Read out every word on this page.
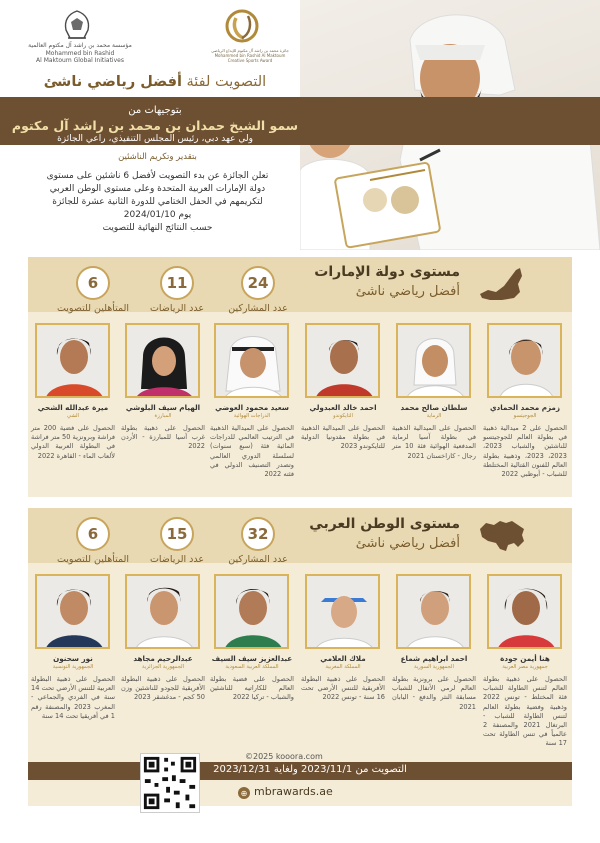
مؤسسة محمد بن راشد آل مكتوم العالمية
Mohammed bin Rashid
Al Maktoum Global Initiatives
جائزة محمد بن راشد آل مكتوم للإبداع الرياضي
Mohammed bin Rashid Al Maktoum Creative Sports Award
التصويت لفئة أفضل رياضي ناشئ
بتوجيهات من
سمو الشيخ حمدان بن محمد بن راشد آل مكتوم
ولي عهد دبي، رئيس المجلس التنفيذي، راعي الجائزة
بتقدير وتكريم الناشئين
تعلن الجائزة عن بدء التصويت لأفضل 6 ناشئين على مستوى
دولة الإمارات العربية المتحدة وعلى مستوى الوطن العربي
لتكريمهم في الحفل الختامي للدورة الثانية عشرة للجائزة
يوم 2024/01/10
حسب النتائج النهائية للتصويت
مستوى دولة الإمارات
أفضل رياضي ناشئ
24
عدد المشاركين
11
عدد الرياضات
6
المتأهلين للتصويت
زمزم محمد الحمادي
الجوجيتسو
الحصول على 2 ميدالية ذهبية في بطولة العالم للجوجيتسو للناشئين والشباب 2023، 2023، 2023، وذهبية بطولة العالم للفنون القتالية المختلطة للشباب - أبوظبي 2022
سلطان صالح محمد
الرماية
الحصول على الميدالية الذهبية في بطولة آسيا لرماية المدفعية الهوائية فئة 10 متر رجال - كازاخستان 2021
احمد خالد العبدولي
التايكوندو
الحصول على الميدالية الذهبية في بطولة مقدونيا الدولية للتايكوندو 2023
سعيد محمود العوضي
الدراجات الهوائية
الحصول على الميدالية الذهبية في الترتيب العالمي للدراجات المائية فئة (سبع سنوات) لسلسلة الدوري العالمي وتصدر التصنيف الدولي في فئته 2022
الهيام سيف البلوشي
المبارزة
الحصول على ذهبية بطولة غرب آسيا للمبارزة - الأردن 2022
ميرة عبدالله الشحي
الشي
الحصول على فضية 200 متر فراشة وبرونزية 50 متر فراشة في البطولة العربية الدولي لألعاب الماء - القاهرة 2022
مستوى الوطن العربي
أفضل رياضي ناشئ
32
عدد المشاركين
15
عدد الرياضات
6
المتأهلين للتصويت
هنا أيمن جودة
جمهورية مصر العربية
الحصول على ذهبية بطولة العالم لتنس الطاولة للشباب فئة المختلط - تونس 2022 وذهبية وفضية بطولة العالم لتنس الطاولة للشباب - البرتغال 2021 والمصنفة 2 عالمياً في تنس الطاولة تحت 17 سنة
احمد ابراهيم شماع
الجمهورية السورية
الحصول على برونزية بطولة العالم لرمي الأتفال للشباب مسابقة النثر والدفع - اليابان 2021
ملاك العلامي
المملكة المغربية
الحصول على ذهبية البطولة الأفريقية للتنس الأرضي تحت 16 سنة - تونس 2022
عبدالعزيز سيف السيف
المملكة العربية السعودية
الحصول على فضية بطولة العالم للكاراتيه للناشئين والشباب - تركيا 2022
عبدالرحيم مجاهد
الجمهورية الجزائرية
الحصول على ذهبية البطولة الأفريقية للجودو للناشئين وزن 50 كجم - مدغشقر 2023
نور سحنون
الجمهورية التونسية
الحصول على ذهبية البطولة العربية للتنس الأرضي تحت 14 سنة في الفردي والجماعي - المغرب 2023 والمصنفة رقم 1 في أفريقيا تحت 14 سنة
التصويت من 2023/11/1 ولغاية 2023/12/31
©2025 kooora.com
⊕ mbrawards.ae
